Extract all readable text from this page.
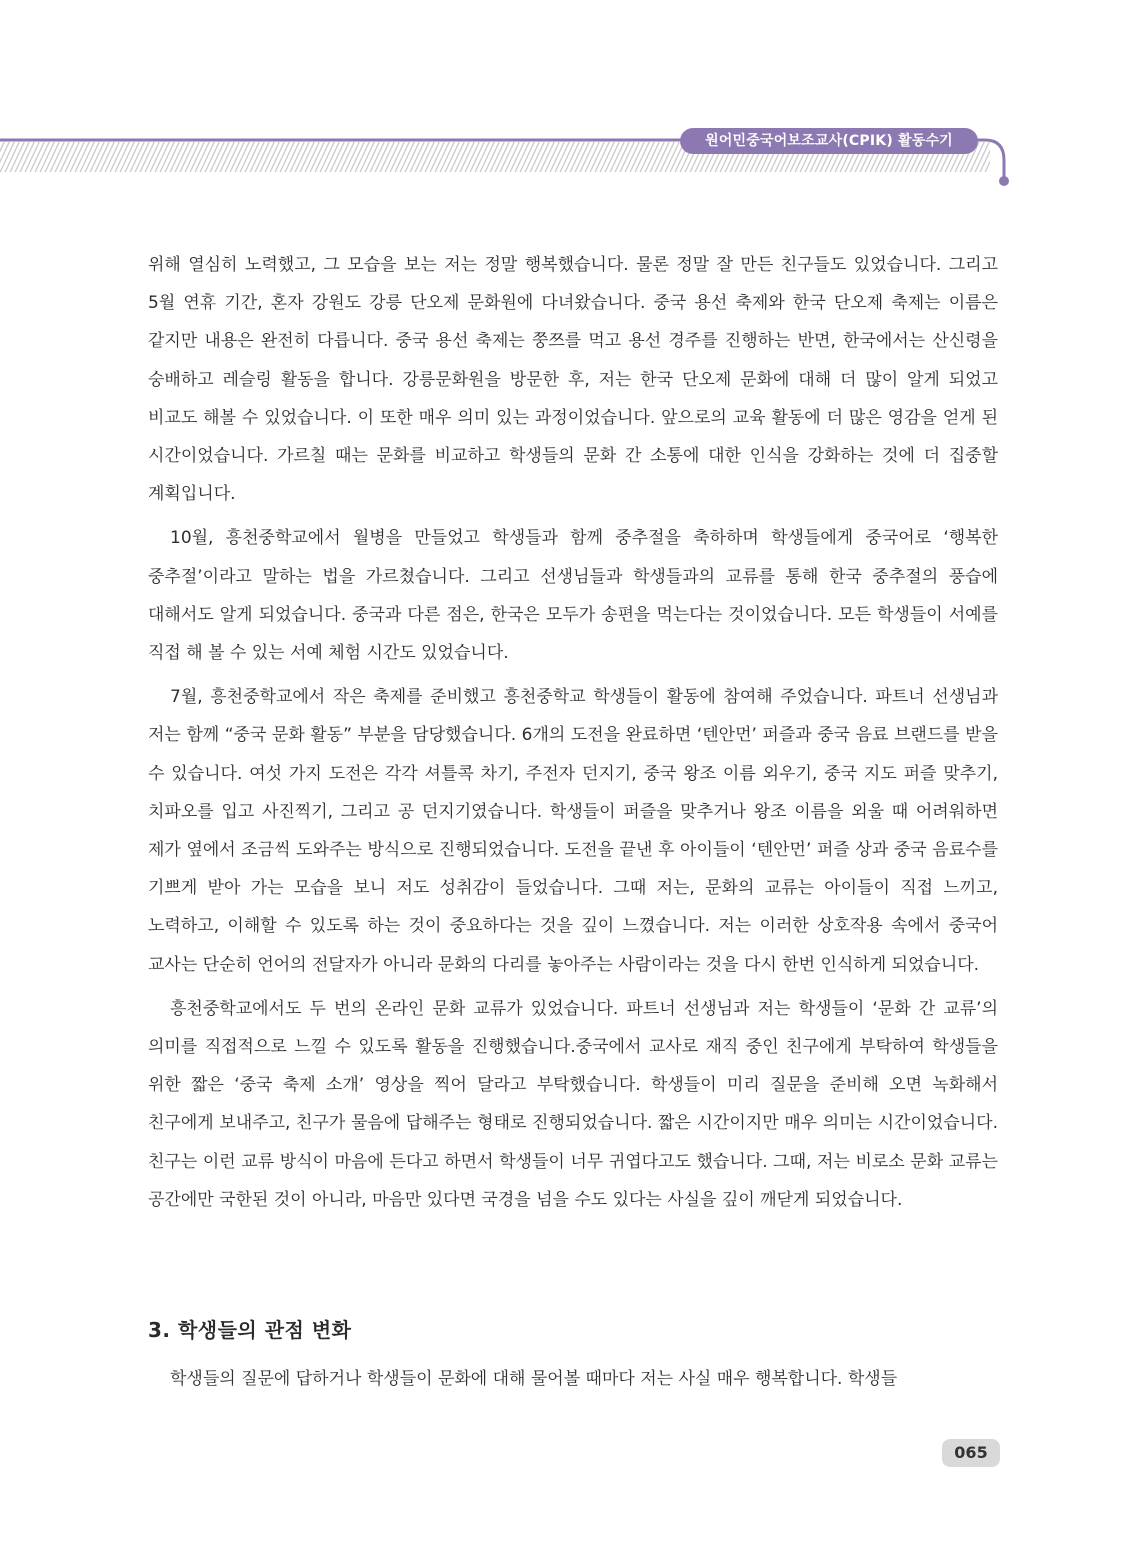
원어민중국어보조교사(CPIK) 활동수기

위해 열심히 노력했고, 그 모습을 보는 저는 정말 행복했습니다. 물론 정말 잘 만든 친구들도 있었습니다. 그리고 5월 연휴 기간, 혼자 강원도 강릉 단오제 문화원에 다녀왔습니다. 중국 용선 축제와 한국 단오제 축제는 이름은 같지만 내용은 완전히 다릅니다. 중국 용선 축제는 쭝쯔를 먹고 용선 경주를 진행하는 반면, 한국에서는 산신령을 숭배하고 레슬링 활동을 합니다. 강릉문화원을 방문한 후, 저는 한국 단오제 문화에 대해 더 많이 알게 되었고 비교도 해볼 수 있었습니다. 이 또한 매우 의미 있는 과정이었습니다. 앞으로의 교육 활동에 더 많은 영감을 얻게 된 시간이었습니다. 가르칠 때는 문화를 비교하고 학생들의 문화 간 소통에 대한 인식을 강화하는 것에 더 집중할 계획입니다.

10월, 흥천중학교에서 월병을 만들었고 학생들과 함께 중추절을 축하하며 학생들에게 중국어로 ‘행복한 중추절’이라고 말하는 법을 가르쳤습니다. 그리고 선생님들과 학생들과의 교류를 통해 한국 중추절의 풍습에 대해서도 알게 되었습니다. 중국과 다른 점은, 한국은 모두가 송편을 먹는다는 것이었습니다. 모든 학생들이 서예를 직접 해 볼 수 있는 서예 체험 시간도 있었습니다.

7월, 흥천중학교에서 작은 축제를 준비했고 흥천중학교 학생들이 활동에 참여해 주었습니다. 파트너 선생님과 저는 함께 “중국 문화 활동” 부분을 담당했습니다. 6개의 도전을 완료하면 ‘텐안먼’ 퍼즐과 중국 음료 브랜드를 받을 수 있습니다. 여섯 가지 도전은 각각 셔틀콕 차기, 주전자 던지기, 중국 왕조 이름 외우기, 중국 지도 퍼즐 맞추기, 치파오를 입고 사진찍기, 그리고 공 던지기였습니다. 학생들이 퍼즐을 맞추거나 왕조 이름을 외울 때 어려워하면 제가 옆에서 조금씩 도와주는 방식으로 진행되었습니다. 도전을 끝낸 후 아이들이 ‘텐안먼’ 퍼즐 상과 중국 음료수를 기쁘게 받아 가는 모습을 보니 저도 성취감이 들었습니다. 그때 저는, 문화의 교류는 아이들이 직접 느끼고, 노력하고, 이해할 수 있도록 하는 것이 중요하다는 것을 깊이 느꼈습니다. 저는 이러한 상호작용 속에서 중국어 교사는 단순히 언어의 전달자가 아니라 문화의 다리를 놓아주는 사람이라는 것을 다시 한번 인식하게 되었습니다.

흥천중학교에서도 두 번의 온라인 문화 교류가 있었습니다. 파트너 선생님과 저는 학생들이 ‘문화 간 교류’의 의미를 직접적으로 느낄 수 있도록 활동을 진행했습니다.중국에서 교사로 재직 중인 친구에게 부탁하여 학생들을 위한 짧은 ‘중국 축제 소개’ 영상을 찍어 달라고 부탁했습니다. 학생들이 미리 질문을 준비해 오면 녹화해서 친구에게 보내주고, 친구가 물음에 답해주는 형태로 진행되었습니다. 짧은 시간이지만 매우 의미는 시간이었습니다. 친구는 이런 교류 방식이 마음에 든다고 하면서 학생들이 너무 귀엽다고도 했습니다. 그때, 저는 비로소 문화 교류는 공간에만 국한된 것이 아니라, 마음만 있다면 국경을 넘을 수도 있다는 사실을 깊이 깨닫게 되었습니다.

3. 학생들의 관점 변화
학생들의 질문에 답하거나 학생들이 문화에 대해 물어볼 때마다 저는 사실 매우 행복합니다. 학생들
065
